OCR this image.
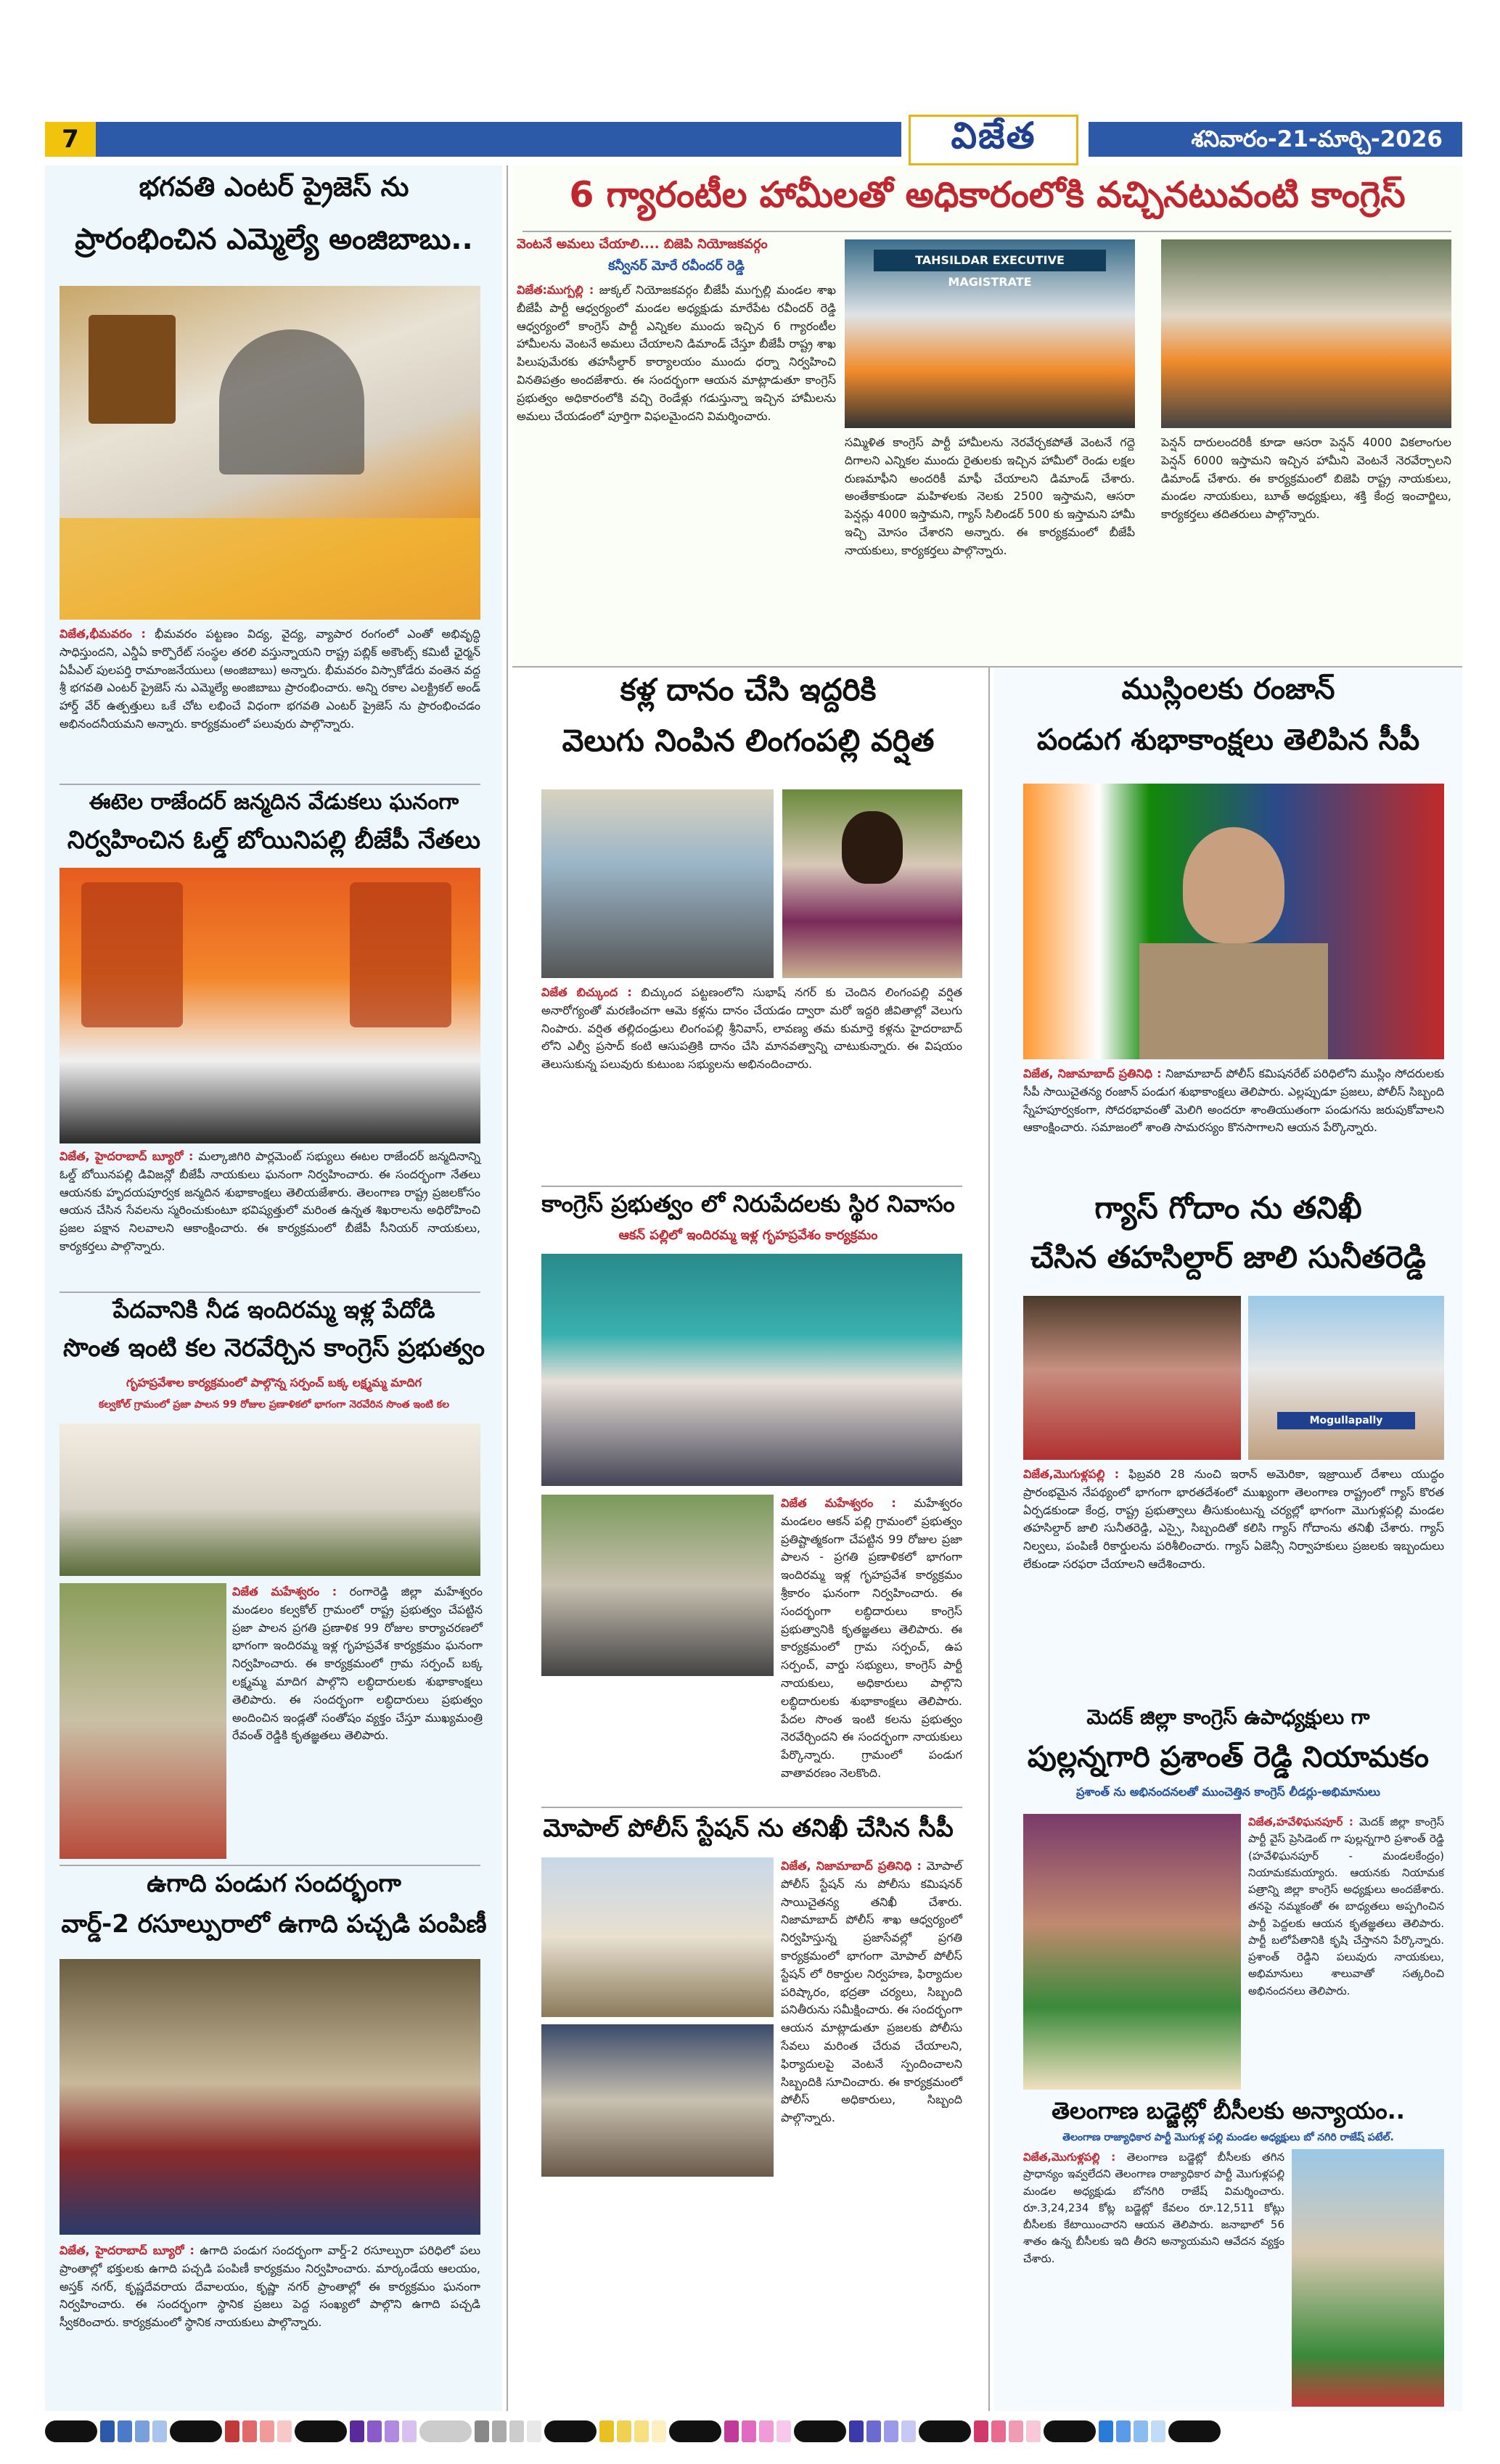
7	విజేత	శనివారం-21-మార్చి-2026
భగవతి ఎంటర్ ప్రైజెస్ ను
ప్రారంభించిన ఎమ్మెల్యే అంజిబాబు..
విజేత,భీమవరం : భీమవరం పట్టణం విద్య, వైద్య, వ్యాపార రంగంలో ఎంతో అభివృద్ధి సాధిస్తుందని, ఎన్డీఏ కార్పొరేట్ సంస్థల తరలి వస్తున్నాయని రాష్ట్ర పబ్లిక్ అకౌంట్స్ కమిటీ ఛైర్మన్ ఏపీఎల్ పులపర్తి రామాంజనేయులు (అంజిబాబు) అన్నారు. భీమవరం విస్సాకోడేరు వంతెన వద్ద శ్రీ భగవతి ఎంటర్ ప్రైజెస్ ను ఎమ్మెల్యే అంజిబాబు ప్రారంభించారు. అన్ని రకాల ఎలక్ట్రికల్ అండ్ హార్డ్ వేర్ ఉత్పత్తులు ఒకే చోట లభించే విధంగా భగవతి ఎంటర్ ప్రైజెస్ ను ప్రారంభించడం అభినందనీయమని అన్నారు. కార్యక్రమంలో పలువురు పాల్గొన్నారు.
ఈటెల రాజేందర్ జన్మదిన వేడుకలు ఘనంగా
నిర్వహించిన ఓల్డ్ బోయినిపల్లి బీజేపీ నేతలు
విజేత, హైదరాబాద్ బ్యూరో : మల్కాజిగిరి పార్లమెంట్ సభ్యులు ఈటల రాజేందర్ జన్మదినాన్ని ఓల్డ్ బోయినపల్లి డివిజన్లో బీజేపీ నాయకులు ఘనంగా నిర్వహించారు. ఈ సందర్భంగా నేతలు ఆయనకు హృదయపూర్వక జన్మదిన శుభాకాంక్షలు తెలియజేశారు. తెలంగాణ రాష్ట్ర ప్రజలకోసం ఆయన చేసిన సేవలను స్మరించుకుంటూ భవిష్యత్తులో మరింత ఉన్నత శిఖరాలను అధిరోహించి ప్రజల పక్షాన నిలవాలని ఆకాంక్షించారు. ఈ కార్యక్రమంలో బీజేపీ సీనియర్ నాయకులు, కార్యకర్తలు పాల్గొన్నారు.
పేదవానికి నీడ ఇందిరమ్మ ఇళ్ల పేదోడి
సొంత ఇంటి కల నెరవేర్చిన కాంగ్రెస్ ప్రభుత్వం
గృహప్రవేశాల కార్యక్రమంలో పాల్గొన్న సర్పంచ్ బక్క లక్ష్మమ్మ మాదిగ
కల్వకోల్ గ్రామంలో ప్రజా పాలన 99 రోజుల ప్రణాళికలో భాగంగా నెరవేరిన సొంత ఇంటి కల
విజేత మహేశ్వరం : రంగారెడ్డి జిల్లా మహేశ్వరం మండలం కల్వకోల్ గ్రామంలో రాష్ట్ర ప్రభుత్వం చేపట్టిన ప్రజా పాలన ప్రగతి ప్రణాళిక 99 రోజుల కార్యాచరణలో భాగంగా ఇందిరమ్మ ఇళ్ల గృహప్రవేశ కార్యక్రమం ఘనంగా నిర్వహించారు. ఈ కార్యక్రమంలో గ్రామ సర్పంచ్ బక్క లక్ష్మమ్మ మాదిగ పాల్గొని లబ్ధిదారులకు శుభాకాంక్షలు తెలిపారు. ఈ సందర్భంగా లబ్ధిదారులు ప్రభుత్వం అందించిన ఇండ్లతో సంతోషం వ్యక్తం చేస్తూ ముఖ్యమంత్రి రేవంత్ రెడ్డికి కృతజ్ఞతలు తెలిపారు.
ఉగాది పండుగ సందర్భంగా
వార్డ్-2 రసూల్పురాలో ఉగాది పచ్చడి పంపిణీ
విజేత, హైదరాబాద్ బ్యూరో : ఉగాది పండుగ సందర్భంగా వార్డ్-2 రసూల్పురా పరిధిలో పలు ప్రాంతాల్లో భక్తులకు ఉగాది పచ్చడి పంపిణీ కార్యక్రమం నిర్వహించారు. మార్కండేయ ఆలయం, అస్తక్ నగర్, కృష్ణదేవరాయ దేవాలయం, కృష్ణా నగర్ ప్రాంతాల్లో ఈ కార్యక్రమం ఘనంగా నిర్వహించారు. ఈ సందర్భంగా స్థానిక ప్రజలు పెద్ద సంఖ్యలో పాల్గొని ఉగాది పచ్చడి స్వీకరించారు. కార్యక్రమంలో స్థానిక నాయకులు పాల్గొన్నారు.
6 గ్యారంటీల హామీలతో అధికారంలోకి వచ్చినటువంటి కాంగ్రెస్
వెంటనే అమలు చేయాలి.... బిజెపి నియోజకవర్గం
కన్వీనర్ మోరే రవీందర్ రెడ్డి
విజేత:ముగ్పల్లి : జుక్కల్ నియోజకవర్గం బీజేపీ ముగ్పల్లి మండల శాఖ బీజేపీ పార్టీ ఆధ్వర్యంలో మండల అధ్యక్షుడు మారేపేట రవీందర్ రెడ్డి ఆధ్వర్యంలో కాంగ్రెస్ పార్టీ ఎన్నికల ముందు ఇచ్చిన 6 గ్యారంటీల హామీలను వెంటనే అమలు చేయాలని డిమాండ్ చేస్తూ బీజేపీ రాష్ట్ర శాఖ పిలుపుమేరకు తహసీల్దార్ కార్యాలయం ముందు ధర్నా నిర్వహించి వినతిపత్రం అందజేశారు. ఈ సందర్భంగా ఆయన మాట్లాడుతూ కాంగ్రెస్ ప్రభుత్వం అధికారంలోకి వచ్చి రెండేళ్లు గడుస్తున్నా ఇచ్చిన హామీలను అమలు చేయడంలో పూర్తిగా విఫలమైందని విమర్శించారు.
TAHSILDAR EXECUTIVE MAGISTRATE
సమ్మిళిత కాంగ్రెస్ పార్టీ హామీలను నెరవేర్చకపోతే వెంటనే గద్దె దిగాలని ఎన్నికల ముందు రైతులకు ఇచ్చిన హామీలో రెండు లక్షల రుణమాఫీని అందరికీ మాఫీ చేయాలని డిమాండ్ చేశారు. అంతేకాకుండా మహిళలకు నెలకు 2500 ఇస్తామని, ఆసరా పెన్షన్లు 4000 ఇస్తామని, గ్యాస్ సిలిండర్ 500 కు ఇస్తామని హామీ ఇచ్చి మోసం చేశారని అన్నారు. ఈ కార్యక్రమంలో బీజేపీ నాయకులు, కార్యకర్తలు పాల్గొన్నారు.
పెన్షన్ దారులందరికీ కూడా ఆసరా పెన్షన్ 4000 వికలాంగుల పెన్షన్ 6000 ఇస్తామని ఇచ్చిన హామీని వెంటనే నెరవేర్చాలని డిమాండ్ చేశారు. ఈ కార్యక్రమంలో బిజెపి రాష్ట్ర నాయకులు, మండల నాయకులు, బూత్ అధ్యక్షులు, శక్తి కేంద్ర ఇంచార్జిలు, కార్యకర్తలు తదితరులు పాల్గొన్నారు.
కళ్ల దానం చేసి ఇద్దరికి
వెలుగు నింపిన లింగంపల్లి వర్షిత
విజేత బిచ్కుంద : బిచ్కుంద పట్టణంలోని సుభాష్ నగర్ కు చెందిన లింగంపల్లి వర్షిత అనారోగ్యంతో మరణించగా ఆమె కళ్లను దానం చేయడం ద్వారా మరో ఇద్దరి జీవితాల్లో వెలుగు నింపారు. వర్షిత తల్లిదండ్రులు లింగంపల్లి శ్రీనివాస్, లావణ్య తమ కుమార్తె కళ్లను హైదరాబాద్ లోని ఎల్వీ ప్రసాద్ కంటి ఆసుపత్రికి దానం చేసి మానవత్వాన్ని చాటుకున్నారు. ఈ విషయం తెలుసుకున్న పలువురు కుటుంబ సభ్యులను అభినందించారు.
కాంగ్రెస్ ప్రభుత్వం లో నిరుపేదలకు స్థిర నివాసం
ఆకన్ పల్లిలో ఇందిరమ్మ ఇళ్ల గృహప్రవేశం కార్యక్రమం
విజేత మహేశ్వరం : మహేశ్వరం మండలం ఆకన్ పల్లి గ్రామంలో ప్రభుత్వం ప్రతిష్టాత్మకంగా చేపట్టిన 99 రోజుల ప్రజా పాలన - ప్రగతి ప్రణాళికలో భాగంగా ఇందిరమ్మ ఇళ్ల గృహప్రవేశ కార్యక్రమం శ్రీకారం ఘనంగా నిర్వహించారు. ఈ సందర్భంగా లబ్ధిదారులు కాంగ్రెస్ ప్రభుత్వానికి కృతజ్ఞతలు తెలిపారు. ఈ కార్యక్రమంలో గ్రామ సర్పంచ్, ఉప సర్పంచ్, వార్డు సభ్యులు, కాంగ్రెస్ పార్టీ నాయకులు, అధికారులు పాల్గొని లబ్ధిదారులకు శుభాకాంక్షలు తెలిపారు. పేదల సొంత ఇంటి కలను ప్రభుత్వం నెరవేర్చిందని ఈ సందర్భంగా నాయకులు పేర్కొన్నారు. గ్రామంలో పండుగ వాతావరణం నెలకొంది.
మోపాల్ పోలీస్ స్టేషన్ ను తనిఖీ చేసిన సీపీ
విజేత, నిజామాబాద్ ప్రతినిధి : మోపాల్ పోలీస్ స్టేషన్ ను పోలీసు కమిషనర్ సాయిచైతన్య తనిఖీ చేశారు. నిజామాబాద్ పోలీస్ శాఖ ఆధ్వర్యంలో నిర్వహిస్తున్న ప్రజాసేవల్లో ప్రగతి కార్యక్రమంలో భాగంగా మోపాల్ పోలీస్ స్టేషన్ లో రికార్డుల నిర్వహణ, ఫిర్యాదుల పరిష్కారం, భద్రతా చర్యలు, సిబ్బంది పనితీరును సమీక్షించారు. ఈ సందర్భంగా ఆయన మాట్లాడుతూ ప్రజలకు పోలీసు సేవలు మరింత చేరువ చేయాలని, ఫిర్యాదులపై వెంటనే స్పందించాలని సిబ్బందికి సూచించారు. ఈ కార్యక్రమంలో పోలీస్ అధికారులు, సిబ్బంది పాల్గొన్నారు.
ముస్లింలకు రంజాన్
పండుగ శుభాకాంక్షలు తెలిపిన సీపీ
విజేత, నిజామాబాద్ ప్రతినిధి : నిజామాబాద్ పోలీస్ కమిషనరేట్ పరిధిలోని ముస్లిం సోదరులకు సీపీ సాయిచైతన్య రంజాన్ పండుగ శుభాకాంక్షలు తెలిపారు. ఎల్లప్పుడూ ప్రజలు, పోలీస్ సిబ్బంది స్నేహపూర్వకంగా, సోదరభావంతో మెలిగి అందరూ శాంతియుతంగా పండుగను జరుపుకోవాలని ఆకాంక్షించారు. సమాజంలో శాంతి సామరస్యం కొనసాగాలని ఆయన పేర్కొన్నారు.
గ్యాస్ గోదాం ను తనిఖీ
చేసిన తహసిల్దార్ జాలి సునీతరెడ్డి
Mogullapally
విజేత,మొగుళ్లపల్లి : ఫిబ్రవరి 28 నుంచి ఇరాన్ అమెరికా, ఇజ్రాయిల్ దేశాలు యుద్ధం ప్రారంభమైన నేపథ్యంలో భాగంగా భారతదేశంలో ముఖ్యంగా తెలంగాణ రాష్ట్రంలో గ్యాస్ కొరత ఏర్పడకుండా కేంద్ర, రాష్ట్ర ప్రభుత్వాలు తీసుకుంటున్న చర్యల్లో భాగంగా మొగుళ్లపల్లి మండల తహసిల్దార్ జాలి సునీతరెడ్డి, ఎస్సై, సిబ్బందితో కలిసి గ్యాస్ గోదాంను తనిఖీ చేశారు. గ్యాస్ నిల్వలు, పంపిణీ రికార్డులను పరిశీలించారు. గ్యాస్ ఏజెన్సీ నిర్వాహకులు ప్రజలకు ఇబ్బందులు లేకుండా సరఫరా చేయాలని ఆదేశించారు.
మెదక్ జిల్లా కాంగ్రెస్ ఉపాధ్యక్షులు గా
పుల్లన్నగారి ప్రశాంత్ రెడ్డి నియామకం
ప్రశాంత్ ను అభినందనలతో ముంచెత్తిన కాంగ్రెస్ లీడర్లు-అభిమానులు
విజేత,హవేళిఘనపూర్ : మెదక్ జిల్లా కాంగ్రెస్ పార్టీ వైస్ ప్రెసిడెంట్ గా పుల్లన్నగారి ప్రశాంత్ రెడ్డి (హవేళిఘనపూర్ - మండలకేంద్రం) నియామకమయ్యారు. ఆయనకు నియామక పత్రాన్ని జిల్లా కాంగ్రెస్ అధ్యక్షులు అందజేశారు. తనపై నమ్మకంతో ఈ బాధ్యతలు అప్పగించిన పార్టీ పెద్దలకు ఆయన కృతజ్ఞతలు తెలిపారు. పార్టీ బలోపేతానికి కృషి చేస్తానని పేర్కొన్నారు. ప్రశాంత్ రెడ్డిని పలువురు నాయకులు, అభిమానులు శాలువాతో సత్కరించి అభినందనలు తెలిపారు.
తెలంగాణ బడ్జెట్లో బీసీలకు అన్యాయం..
తెలంగాణ రాజ్యాధికార పార్టీ మొగుళ్ల పల్లి మండల అధ్యక్షులు బో నగిరి రాజేష్ పటేల్.
విజేత,మొగుళ్లపల్లి : తెలంగాణ బడ్జెట్లో బీసీలకు తగిన ప్రాధాన్యం ఇవ్వలేదని తెలంగాణ రాజ్యాధికార పార్టీ మొగుళ్లపల్లి మండల అధ్యక్షుడు బోనగిరి రాజేష్ విమర్శించారు. రూ.3,24,234 కోట్ల బడ్జెట్లో కేవలం రూ.12,511 కోట్లు బీసీలకు కేటాయించారని ఆయన తెలిపారు. జనాభాలో 56 శాతం ఉన్న బీసీలకు ఇది తీరని అన్యాయమని ఆవేదన వ్యక్తం చేశారు.
